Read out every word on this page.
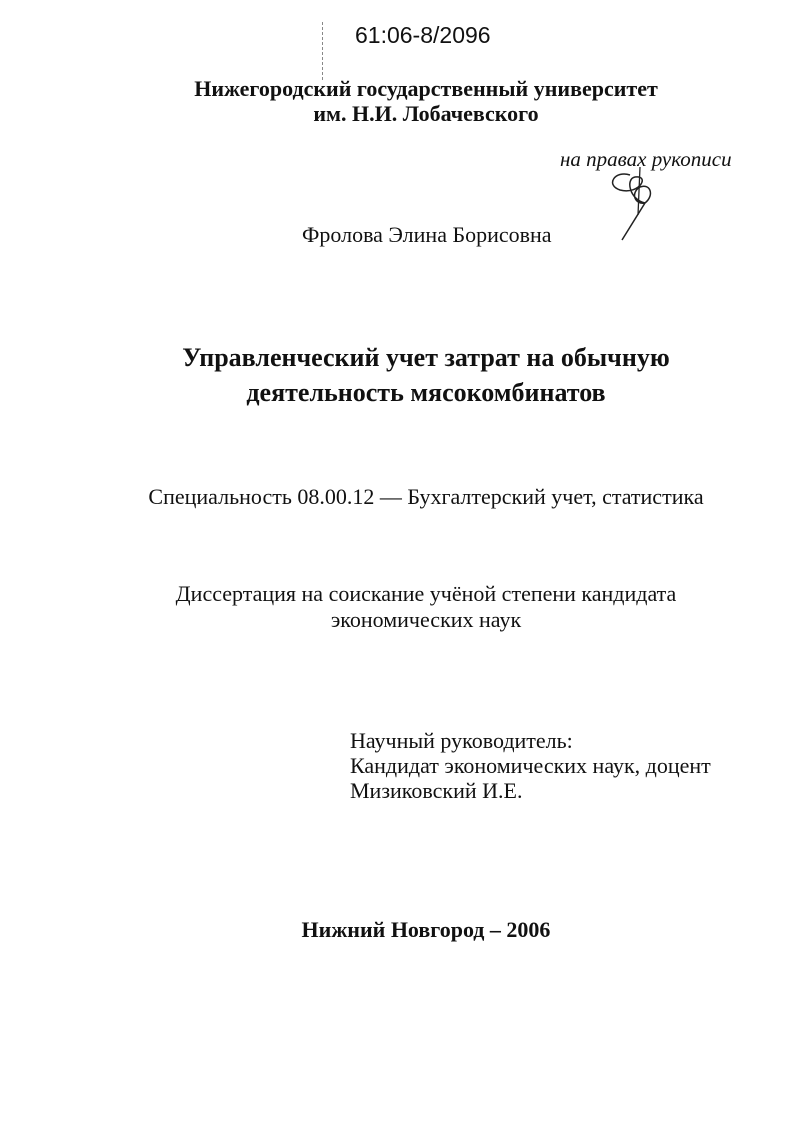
61:06-8/2096
Нижегородский государственный университет
им. Н.И. Лобачевского
на правах рукописи
Фролова Элина Борисовна
Управленческий учет затрат на обычную
деятельность мясокомбинатов
Специальность 08.00.12 — Бухгалтерский учет, статистика
Диссертация на соискание учёной степени кандидата
экономических наук
Научный руководитель:
Кандидат экономических наук, доцент
Мизиковский И.Е.
Нижний Новгород – 2006
